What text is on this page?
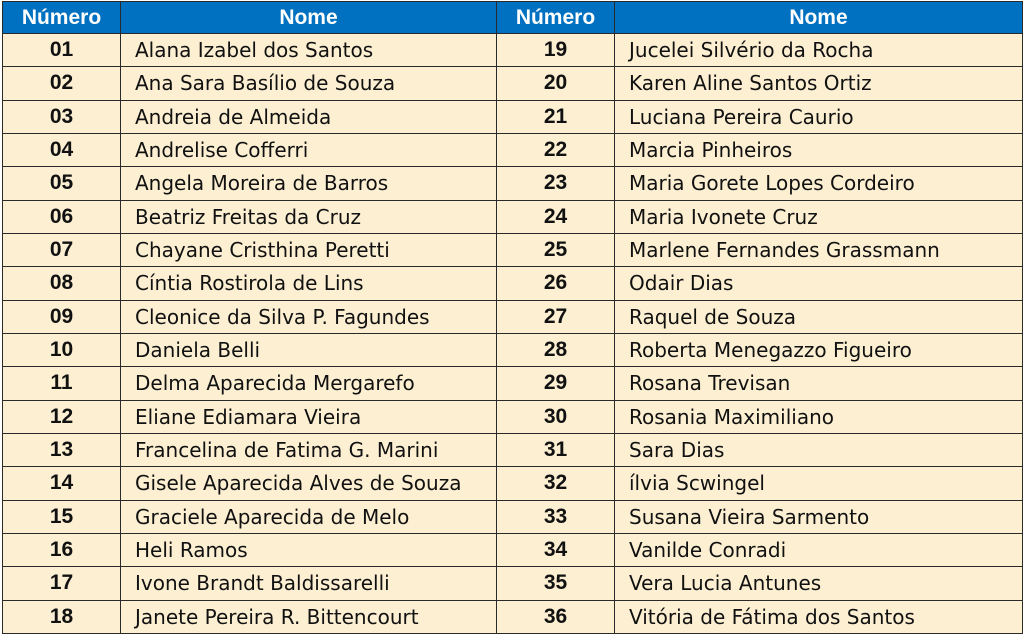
Número	Nome	Número	Nome
01	Alana Izabel dos Santos	19	Jucelei Silvério da Rocha
02	Ana Sara Basílio de Souza	20	Karen Aline Santos Ortiz
03	Andreia de Almeida	21	Luciana Pereira Caurio
04	Andrelise Cofferri	22	Marcia Pinheiros
05	Angela Moreira de Barros	23	Maria Gorete Lopes Cordeiro
06	Beatriz Freitas da Cruz	24	Maria Ivonete Cruz
07	Chayane Cristhina Peretti	25	Marlene Fernandes Grassmann
08	Cíntia Rostirola de Lins	26	Odair Dias
09	Cleonice da Silva P. Fagundes	27	Raquel de Souza
10	Daniela Belli	28	Roberta Menegazzo Figueiro
11	Delma Aparecida Mergarefo	29	Rosana Trevisan
12	Eliane Ediamara Vieira	30	Rosania Maximiliano
13	Francelina de Fatima G. Marini	31	Sara Dias
14	Gisele Aparecida Alves de Souza	32	ílvia Scwingel
15	Graciele Aparecida de Melo	33	Susana Vieira Sarmento
16	Heli Ramos	34	Vanilde Conradi
17	Ivone Brandt Baldissarelli	35	Vera Lucia Antunes
18	Janete Pereira R. Bittencourt	36	Vitória de Fátima dos Santos
